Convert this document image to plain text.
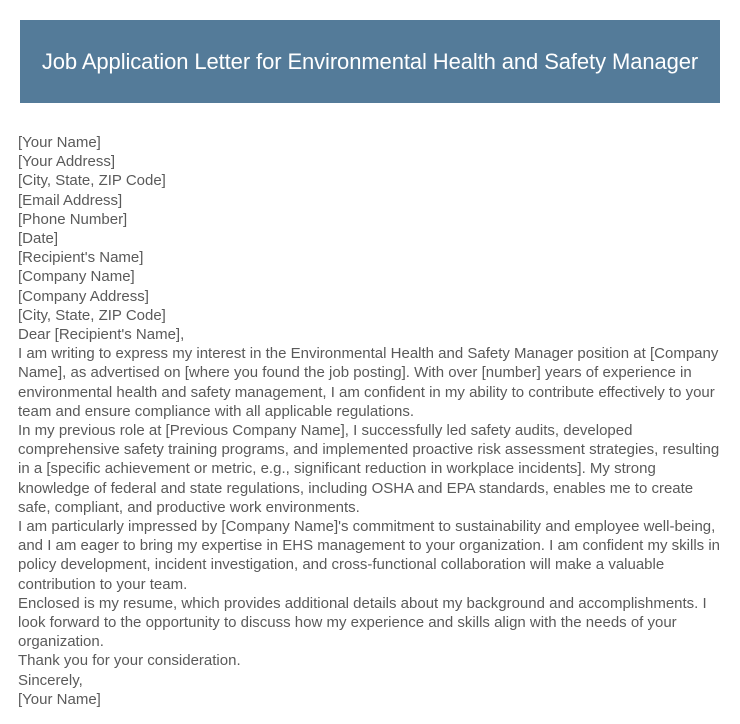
Job Application Letter for Environmental Health and Safety Manager
[Your Name]
[Your Address]
[City, State, ZIP Code]
[Email Address]
[Phone Number]
[Date]
[Recipient's Name]
[Company Name]
[Company Address]
[City, State, ZIP Code]
Dear [Recipient's Name],
I am writing to express my interest in the Environmental Health and Safety Manager position at [Company Name], as advertised on [where you found the job posting]. With over [number] years of experience in environmental health and safety management, I am confident in my ability to contribute effectively to your team and ensure compliance with all applicable regulations.
In my previous role at [Previous Company Name], I successfully led safety audits, developed comprehensive safety training programs, and implemented proactive risk assessment strategies, resulting in a [specific achievement or metric, e.g., significant reduction in workplace incidents]. My strong knowledge of federal and state regulations, including OSHA and EPA standards, enables me to create safe, compliant, and productive work environments.
I am particularly impressed by [Company Name]'s commitment to sustainability and employee well-being, and I am eager to bring my expertise in EHS management to your organization. I am confident my skills in policy development, incident investigation, and cross-functional collaboration will make a valuable contribution to your team.
Enclosed is my resume, which provides additional details about my background and accomplishments. I look forward to the opportunity to discuss how my experience and skills align with the needs of your organization.
Thank you for your consideration.
Sincerely,
[Your Name]
